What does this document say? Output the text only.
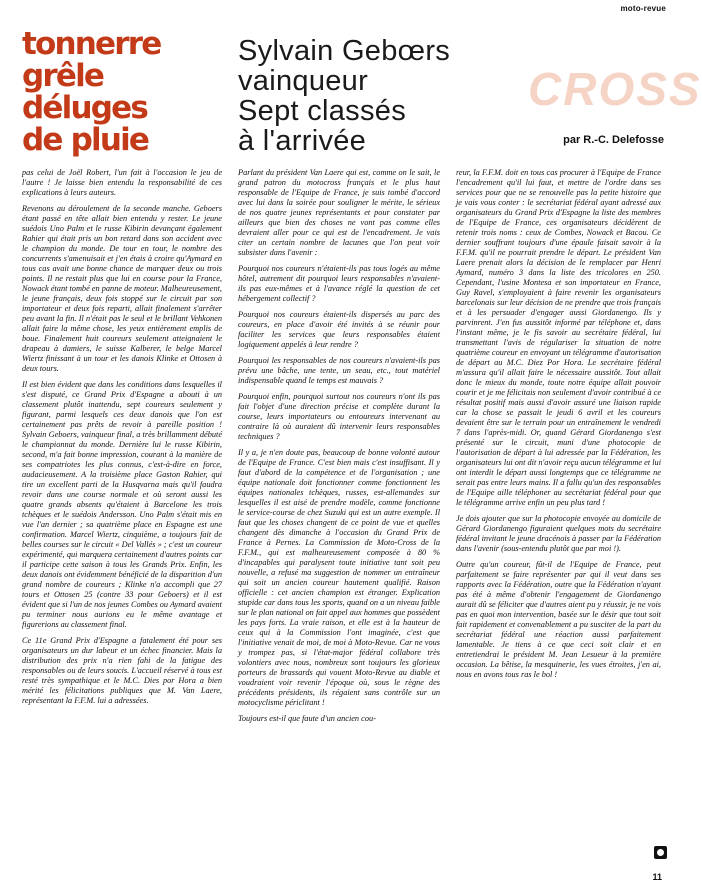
moto-revue
tonnerre
grêle
déluges
de pluie
Sylvain Gebœrs
vainqueur
Sept classés
à l'arrivée
CROSS
par R.-C. Delefosse

pas celui de Joël Robert, l'un fait à l'occasion le jeu de l'autre ! Je laisse bien entendu la responsabilité de ces explications à leurs auteurs.

Revenons au déroulement de la seconde manche. Geboers étant passé en tête allait bien entendu y rester. Le jeune suédois Uno Palm et le russe Kibirin devançant également Rahier qui était pris un bon retard dans son accident avec le champion du monde. De tour en tour, le nombre des concurrents s'amenuisait et j'en étais à croire qu'Aymard en tous cas avait une bonne chance de marquer deux ou trois points. Il ne restait plus que lui en course pour la France, Nowack étant tombé en panne de moteur. Malheureusement, le jeune français, deux fois stoppé sur le circuit par son importateur et deux fois reparti, allait finalement s'arrêter peu avant la fin. Il n'était pas le seul et le brillant Vehkonen allait faire la même chose, les yeux entièrement emplis de boue. Finalement huit coureurs seulement atteignaient le drapeau à damiers, le suisse Kalberer, le belge Marcel Wiertz finissant à un tour et les danois Klinke et Ottosen à deux tours.

Il est bien évident que dans les conditions dans lesquelles il s'est disputé, ce Grand Prix d'Espagne a abouti à un classement plutôt inattendu, sept coureurs seulement y figurant, parmi lesquels ces deux danois que l'on est certainement pas prêts de revoir à pareille position ! Sylvain Geboers, vainqueur final, a très brillamment débuté le championnat du monde. Dernière lui le russe Kibirin, second, m'a fait bonne impression, courant à la manière de ses compatriotes les plus connus, c'est-à-dire en force, audacieusement. A la troisième place Gaston Rahier, qui tire un excellent parti de la Husqvarna mais qu'il faudra revoir dans une course normale et où seront aussi les quatre grands absents qu'étaient à Barcelone les trois tchèques et le suédois Andersson. Uno Palm s'était mis en vue l'an dernier ; sa quatrième place en Espagne est une confirmation. Marcel Wiertz, cinquième, a toujours fait de belles courses sur le circuit « Del Vallés » ; c'est un coureur expérimenté, qui marquera certainement d'autres points car il participe cette saison à tous les Grands Prix. Enfin, les deux danois ont évidemment bénéficié de la disparition d'un grand nombre de coureurs ; Klinke n'a accompli que 27 tours et Ottosen 25 (contre 33 pour Geboers) et il est évident que si l'un de nos jeunes Combes ou Aymard avaient pu terminer nous aurions eu le même avantage et figurerions au classement final.

Ce 11e Grand Prix d'Espagne a fatalement été pour ses organisateurs un dur labeur et un échec financier. Mais la distribution des prix n'a rien fahi de la fatigue des responsables ou de leurs soucis. L'accueil réservé à tous est resté très sympathique et le M.C. Dies por Hora a bien mérité les félicitations publiques que M. Van Laere, représentant la F.F.M. lui a adressées.

Parlant du président Van Laere qui est, comme on le sait, le grand patron du motocross français et le plus haut responsable de l'Equipe de France, je suis tombé d'accord avec lui dans la soirée pour souligner le mérite, le sérieux de nos quatre jeunes représentants et pour constater par ailleurs que bien des choses ne vont pas comme elles devraient aller pour ce qui est de l'encadrement. Je vais citer un certain nombre de lacunes que l'on peut voir subsister dans l'avenir :

Pourquoi nos coureurs n'étaient-ils pas tous logés au même hôtel, autrement dit pourquoi leurs responsables n'avaient-ils pas eux-mêmes et à l'avance réglé la question de cet hébergement collectif ?

Pourquoi nos coureurs étaient-ils dispersés au parc des coureurs, en place d'avoir été invités à se réunir pour faciliter les services que leurs responsables étaient logiquement appelés à leur rendre ?

Pourquoi les responsables de nos coureurs n'avaient-ils pas prévu une bâche, une tente, un seau, etc., tout matériel indispensable quand le temps est mauvais ?

Pourquoi enfin, pourquoi surtout nos coureurs n'ont ils pas fait l'objet d'une direction précise et complète durant la course, leurs importateurs ou entoureurs intervenant au contraire là où auraient dû intervenir leurs responsables techniques ?

Il y a, je n'en doute pas, beaucoup de bonne volonté autour de l'Equipe de France. C'est bien mais c'est insuffisant. Il y faut d'abord de la compétence et de l'organisation ; une équipe nationale doit fonctionner comme fonctionnent les équipes nationales tchèques, russes, est-allemandes sur lesquelles il est aisé de prendre modèle, comme fonctionne le service-course de chez Suzuki qui est un autre exemple. Il faut que les choses changent de ce point de vue et quelles changent dès dimanche à l'occasion du Grand Prix de France à Pernes. La Commission de Moto-Cross de la F.F.M., qui est malheureusement composée à 80 % d'incapables qui paralysent toute initiative tant soit peu nouvelle, a refusé ma suggestion de nommer un entraîneur qui soit un ancien coureur hautement qualifié. Raison officielle : cet ancien champion est étranger. Explication stupide car dans tous les sports, quand on a un niveau faible sur le plan national on fait appel aux hommes que possèdent les pays forts. La vraie raison, et elle est à la hauteur de ceux qui à la Commission l'ont imaginée, c'est que l'initiative venait de moi, de moi à Moto-Revue. Car ne vous y trompez pas, si l'état-major fédéral collabore très volontiers avec nous, nombreux sont toujours les glorieux porteurs de brassards qui vouent Moto-Revue au diable et voudraient voir revenir l'époque où, sous le règne des précédents présidents, ils régaient sans contrôle sur un motocyclisme périclitant !

Toujours est-il que faute d'un ancien cou-

reur, la F.F.M. doit en tous cas procurer à l'Equipe de France l'encadrement qu'il lui faut, et mettre de l'ordre dans ses services pour que ne se renouvelle pas la petite histoire que je vais vous conter : le secrétariat fédéral ayant adressé aux organisateurs du Grand Prix d'Espagne la liste des membres de l'Equipe de France, ces organisateurs décidèrent de retenir trois noms : ceux de Combes, Nowack et Bacou. Ce dernier souffrant toujours d'une épaule faisait savoir à la F.F.M. qu'il ne pourrait prendre le départ. Le président Van Laere prenait alors la décision de le remplacer par Henri Aymard, numéro 3 dans la liste des tricolores en 250. Cependant, l'usine Montesa et son importateur en France, Guy Ravel, s'employaient à faire revenir les organisateurs barcelonais sur leur décision de ne prendre que trois français et à les persuader d'engager aussi Giordanengo. Ils y parvinrent. J'en fus aussitôt informé par téléphone et, dans l'instant même, je le fis savoir au secrétaire fédéral, lui transmettant l'avis de régulariser la situation de notre quatrième coureur en envoyant un télégramme d'autorisation de départ au M.C. Diez Por Hora. Le secrétaire fédéral m'assura qu'il allait faire le nécessaire aussitôt. Tout allait donc le mieux du monde, toute notre équipe allait pouvoir courir et je me félicitais non seulement d'avoir contribué à ce résultat positif mais aussi d'avoir assuré une liaison rapide car la chose se passait le jeudi 6 avril et les coureurs devaient être sur le terrain pour un entraînement le vendredi 7 dans l'après-midi. Or, quand Gérard Giordanengo s'est présenté sur le circuit, muni d'une photocopie de l'autorisation de départ à lui adressée par la Fédération, les organisateurs lui ont dit n'avoir reçu aucun télégramme et lui ont interdit le départ aussi longtemps que ce télégramme ne serait pas entre leurs mains. Il a fallu qu'un des responsables de l'Equipe aille téléphoner au secrétariat fédéral pour que le télégramme arrive enfin un peu plus tard !

Je dois ajouter que sur la photocopie envoyée au domicile de Gérard Giordanengo figuraient quelques mots du secrétaire fédéral invitant le jeune dracénois à passer par la Fédération dans l'avenir (sous-entendu plutôt que par moi !).

Outre qu'un coureur, fût-il de l'Equipe de France, peut parfaitement se faire représenter par qui il veut dans ses rapports avec la Fédération, outre que la Fédération n'ayant pas été à même d'obtenir l'engagement de Giordanengo aurait dû se féliciter que d'autres aient pu y réussir, je ne vois pas en quoi mon intervention, basée sur le désir que tout soit fait rapidement et convenablement a pu susciter de la part du secrétariat fédéral une réaction aussi parfaitement lamentable. Je tiens à ce que ceci soit clair et en entretiendrai le président M. Jean Lesueur à la première occasion. La bêtise, la mesquinerie, les vues étroites, j'en ai, nous en avons tous ras le bol !

11
